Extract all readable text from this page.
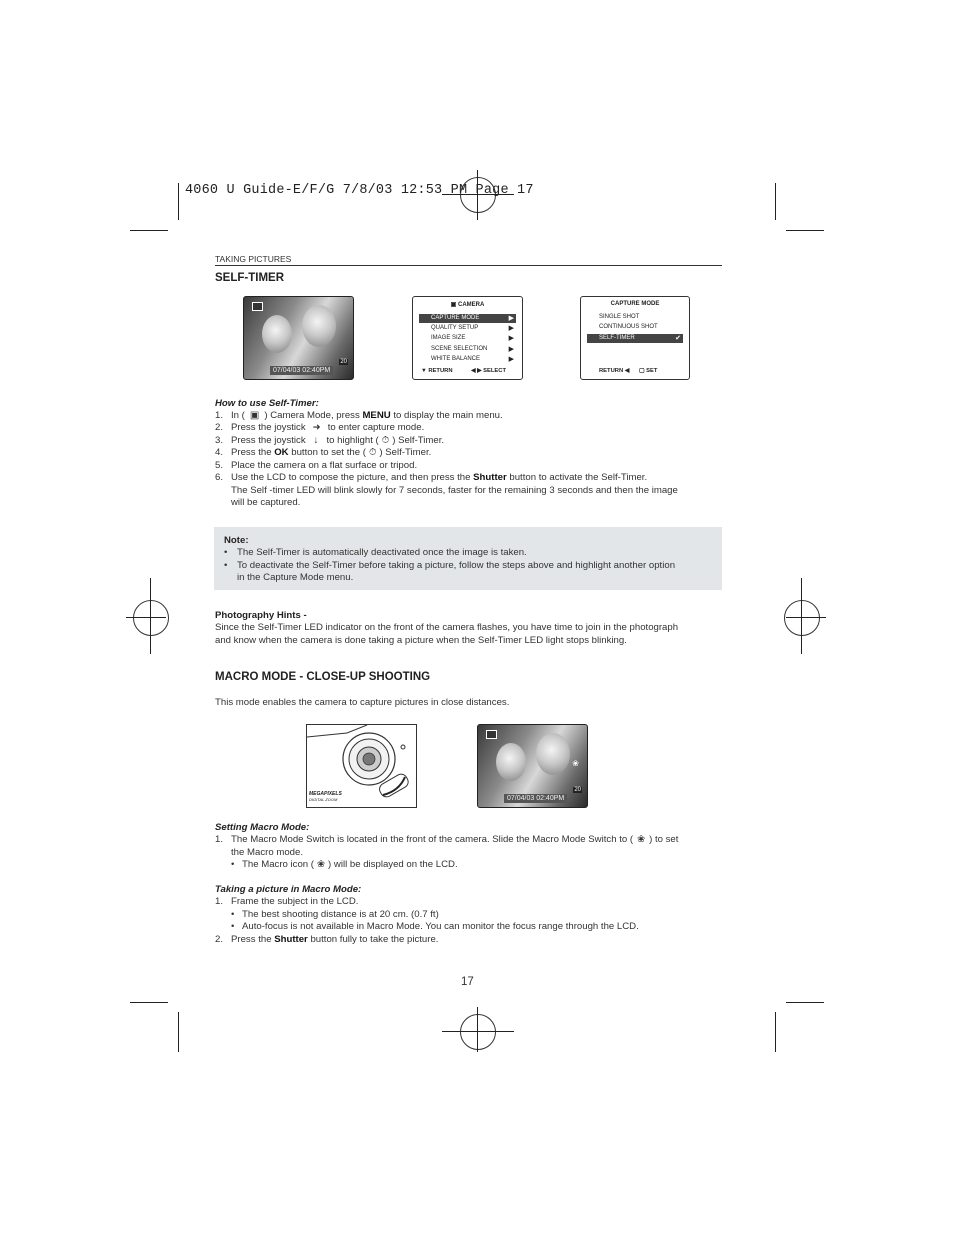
4060 U Guide-E/F/G 7/8/03 12:53 PM Page 17
TAKING PICTURES
SELF-TIMER
07/04/03 02:40PM
20
▣ CAMERA
CAPTURE MODE	▶
QUALITY SETUP	▶
IMAGE SIZE	▶
SCENE SELECTION	▶
WHITE BALANCE	▶
▼ RETURN	◀ ▶ SELECT
CAPTURE MODE
SINGLE SHOT
CONTINUOUS SHOT
SELF-TIMER	✔
RETURN ◀ ▢ SET
How to use Self-Timer:
1. In ( ▣ ) Camera Mode, press MENU to display the main menu.
2. Press the joystick ➜ to enter capture mode.
3. Press the joystick ↓ to highlight ( ⏱ ) Self-Timer.
4. Press the OK button to set the ( ⏱ ) Self-Timer.
5. Place the camera on a flat surface or tripod.
6. Use the LCD to compose the picture, and then press the Shutter button to activate the Self-Timer.
The Self -timer LED will blink slowly for 7 seconds, faster for the remaining 3 seconds and then the image
will be captured.
Note:
• The Self-Timer is automatically deactivated once the image is taken.
• To deactivate the Self-Timer before taking a picture, follow the steps above and highlight another option
in the Capture Mode menu.
Photography Hints -
Since the Self-Timer LED indicator on the front of the camera flashes, you have time to join in the photograph
and know when the camera is done taking a picture when the Self-Timer LED light stops blinking.
MACRO MODE - CLOSE-UP SHOOTING
This mode enables the camera to capture pictures in close distances.
MEGAPIXELS
DIGITAL ZOOM
❀
07/04/03 02:40PM
20
Setting Macro Mode:
1. The Macro Mode Switch is located in the front of the camera. Slide the Macro Mode Switch to ( ❀ ) to set
the Macro mode.
• The Macro icon ( ❀ ) will be displayed on the LCD.
Taking a picture in Macro Mode:
1. Frame the subject in the LCD.
• The best shooting distance is at 20 cm. (0.7 ft)
• Auto-focus is not available in Macro Mode. You can monitor the focus range through the LCD.
2. Press the Shutter button fully to take the picture.
17
